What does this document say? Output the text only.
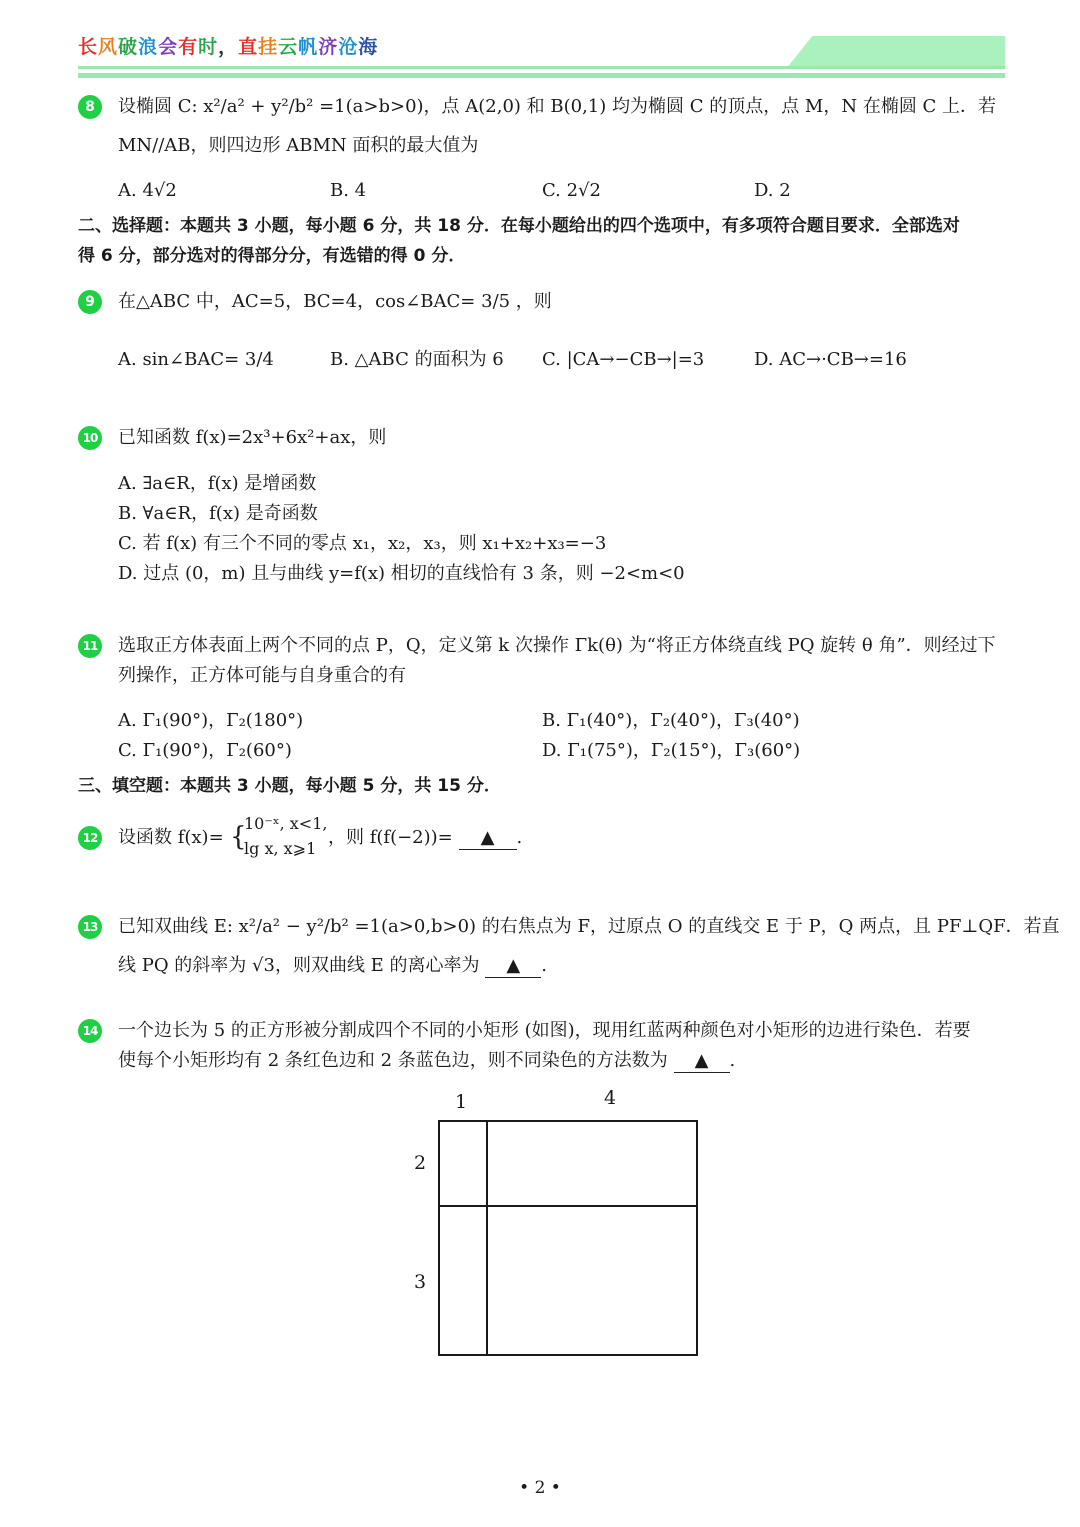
长风破浪会有时，直挂云帆济沧海
8	设椭圆 C: x²/a² + y²/b² =1(a>b>0)，点 A(2,0) 和 B(0,1) 均为椭圆 C 的顶点，点 M，N 在椭圆 C 上．若
MN//AB，则四边形 ABMN 面积的最大值为
A. 4√2	B. 4	C. 2√2	D. 2
二、选择题：本题共 3 小题，每小题 6 分，共 18 分．在每小题给出的四个选项中，有多项符合题目要求．全部选对
得 6 分，部分选对的得部分分，有选错的得 0 分．
9	在△ABC 中，AC=5，BC=4，cos∠BAC= 3/5 ，则
A. sin∠BAC= 3/4	B. △ABC 的面积为 6 C. |CA→−CB→|=3	D. AC→·CB→=16
10 已知函数 f(x)=2x³+6x²+ax，则
A. ∃a∈R，f(x) 是增函数
B. ∀a∈R，f(x) 是奇函数
C. 若 f(x) 有三个不同的零点 x₁，x₂，x₃，则 x₁+x₂+x₃=−3
D. 过点 (0，m) 且与曲线 y=f(x) 相切的直线恰有 3 条，则 −2<m<0
11 选取正方体表面上两个不同的点 P，Q，定义第 k 次操作 Γk(θ) 为“将正方体绕直线 PQ 旋转 θ 角”．则经过下
列操作，正方体可能与自身重合的有
A. Γ₁(90°)，Γ₂(180°)	B. Γ₁(40°)，Γ₂(40°)，Γ₃(40°)
C. Γ₁(90°)，Γ₂(60°)	D. Γ₁(75°)，Γ₂(15°)，Γ₃(60°)
三、填空题：本题共 3 小题，每小题 5 分，共 15 分．
12 设函数 f(x)= {
10⁻ˣ, x<1,
lg x, x⩾1
，则 f(f(−2))= ▲ .
13 已知双曲线 E: x²/a² − y²/b² =1(a>0,b>0) 的右焦点为 F，过原点 O 的直线交 E 于 P，Q 两点，且 PF⊥QF．若直
线 PQ 的斜率为 √3，则双曲线 E 的离心率为 ▲ .
14 一个边长为 5 的正方形被分割成四个不同的小矩形 (如图)，现用红蓝两种颜色对小矩形的边进行染色．若要
使每个小矩形均有 2 条红色边和 2 条蓝色边，则不同染色的方法数为 ▲ .
1	4
2
3
• 2 •
